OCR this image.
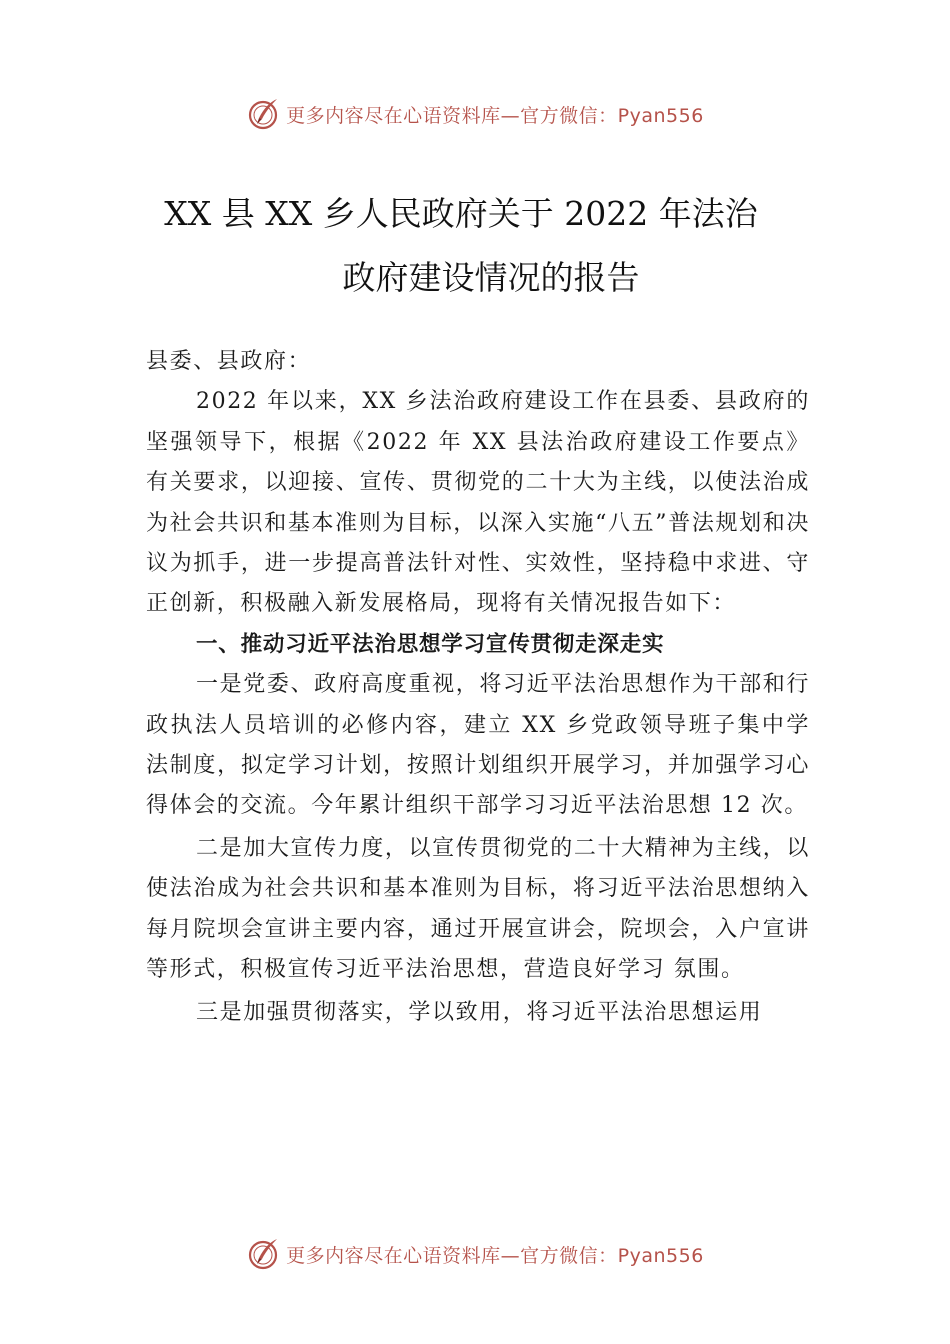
更多内容尽在心语资料库—官方微信：Pyan556
XX 县 XX 乡人民政府关于 2022 年法治
政府建设情况的报告

县委、县政府：

2022 年以来，XX 乡法治政府建设工作在县委、县政府的坚强领导下，根据《2022 年 XX 县法治政府建设工作要点》有关要求，以迎接、宣传、贯彻党的二十大为主线，以使法治成为社会共识和基本准则为目标，以深入实施“八五”普法规划和决议为抓手，进一步提高普法针对性、实效性，坚持稳中求进、守正创新，积极融入新发展格局，现将有关情况报告如下：

一、推动习近平法治思想学习宣传贯彻走深走实

一是党委、政府高度重视，将习近平法治思想作为干部和行政执法人员培训的必修内容，建立 XX 乡党政领导班子集中学法制度，拟定学习计划，按照计划组织开展学习，并加强学习心得体会的交流。今年累计组织干部学习习近平法治思想 12 次。

二是加大宣传力度，以宣传贯彻党的二十大精神为主线，以使法治成为社会共识和基本准则为目标，将习近平法治思想纳入每月院坝会宣讲主要内容，通过开展宣讲会，院坝会，入户宣讲等形式，积极宣传习近平法治思想，营造良好学习 氛围。

三是加强贯彻落实，学以致用，将习近平法治思想运用

更多内容尽在心语资料库—官方微信：Pyan556
